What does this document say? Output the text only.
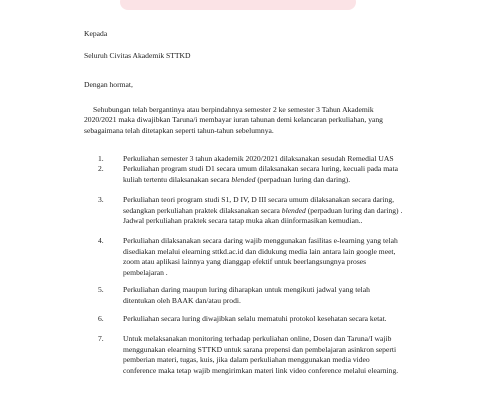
Kepada
Seluruh Civitas Akademik STTKD
Dengan hormat,
Sehubungan telah bergantinya atau berpindahnya semester 2 ke semester 3 Tahun Akademik
2020/2021 maka diwajibkan Taruna/i membayar iuran tahunan demi kelancaran perkuliahan, yang
sebagaimana telah ditetapkan seperti tahun-tahun sebelumnya.
1.	Perkuliahan semester 3 tahun akademik 2020/2021 dilaksanakan sesudah Remedial UAS
2.	Perkuliahan program studi D1 secara umum dilaksanakan secara luring, kecuali pada mata
kuliah tertentu dilaksanakan secara blended (perpaduan luring dan daring).
3.	Perkuliahan teori program studi S1, D IV, D III secara umum dilaksanakan secara daring,
sedangkan perkuliahan praktek dilaksanakan secara blended (perpaduan luring dan daring) .
Jadwal perkuliahan praktek secara tatap muka akan diinformasikan kemudian..
4.	Perkuliahan dilaksanakan secara daring wajib menggunakan fasilitas e-learning yang telah
disediakan melalui elearning sttkd.ac.id dan didukung media lain antara lain google meet,
zoom atau aplikasi lainnya yang dianggap efektif untuk beerlangsungnya proses
pembelajaran .
5.	Perkuliahan daring maupun luring diharapkan untuk mengikuti jadwal yang telah
ditentukan oleh BAAK dan/atau prodi.
6.	Perkuliahan secara luring diwajibkan selalu mematuhi protokol kesehatan secara ketat.
7.	Untuk melaksanakan monitoring terhadap perkuliahan online, Dosen dan Taruna/I wajib
menggunakan elearning STTKD untuk sarana prepensi dan pembelajaran asinkron seperti
pemberian materi, tugas, kuis, jika dalam perkuliahan menggunakan media video
conference maka tetap wajib mengirimkan materi link video conference melalui elearning.
